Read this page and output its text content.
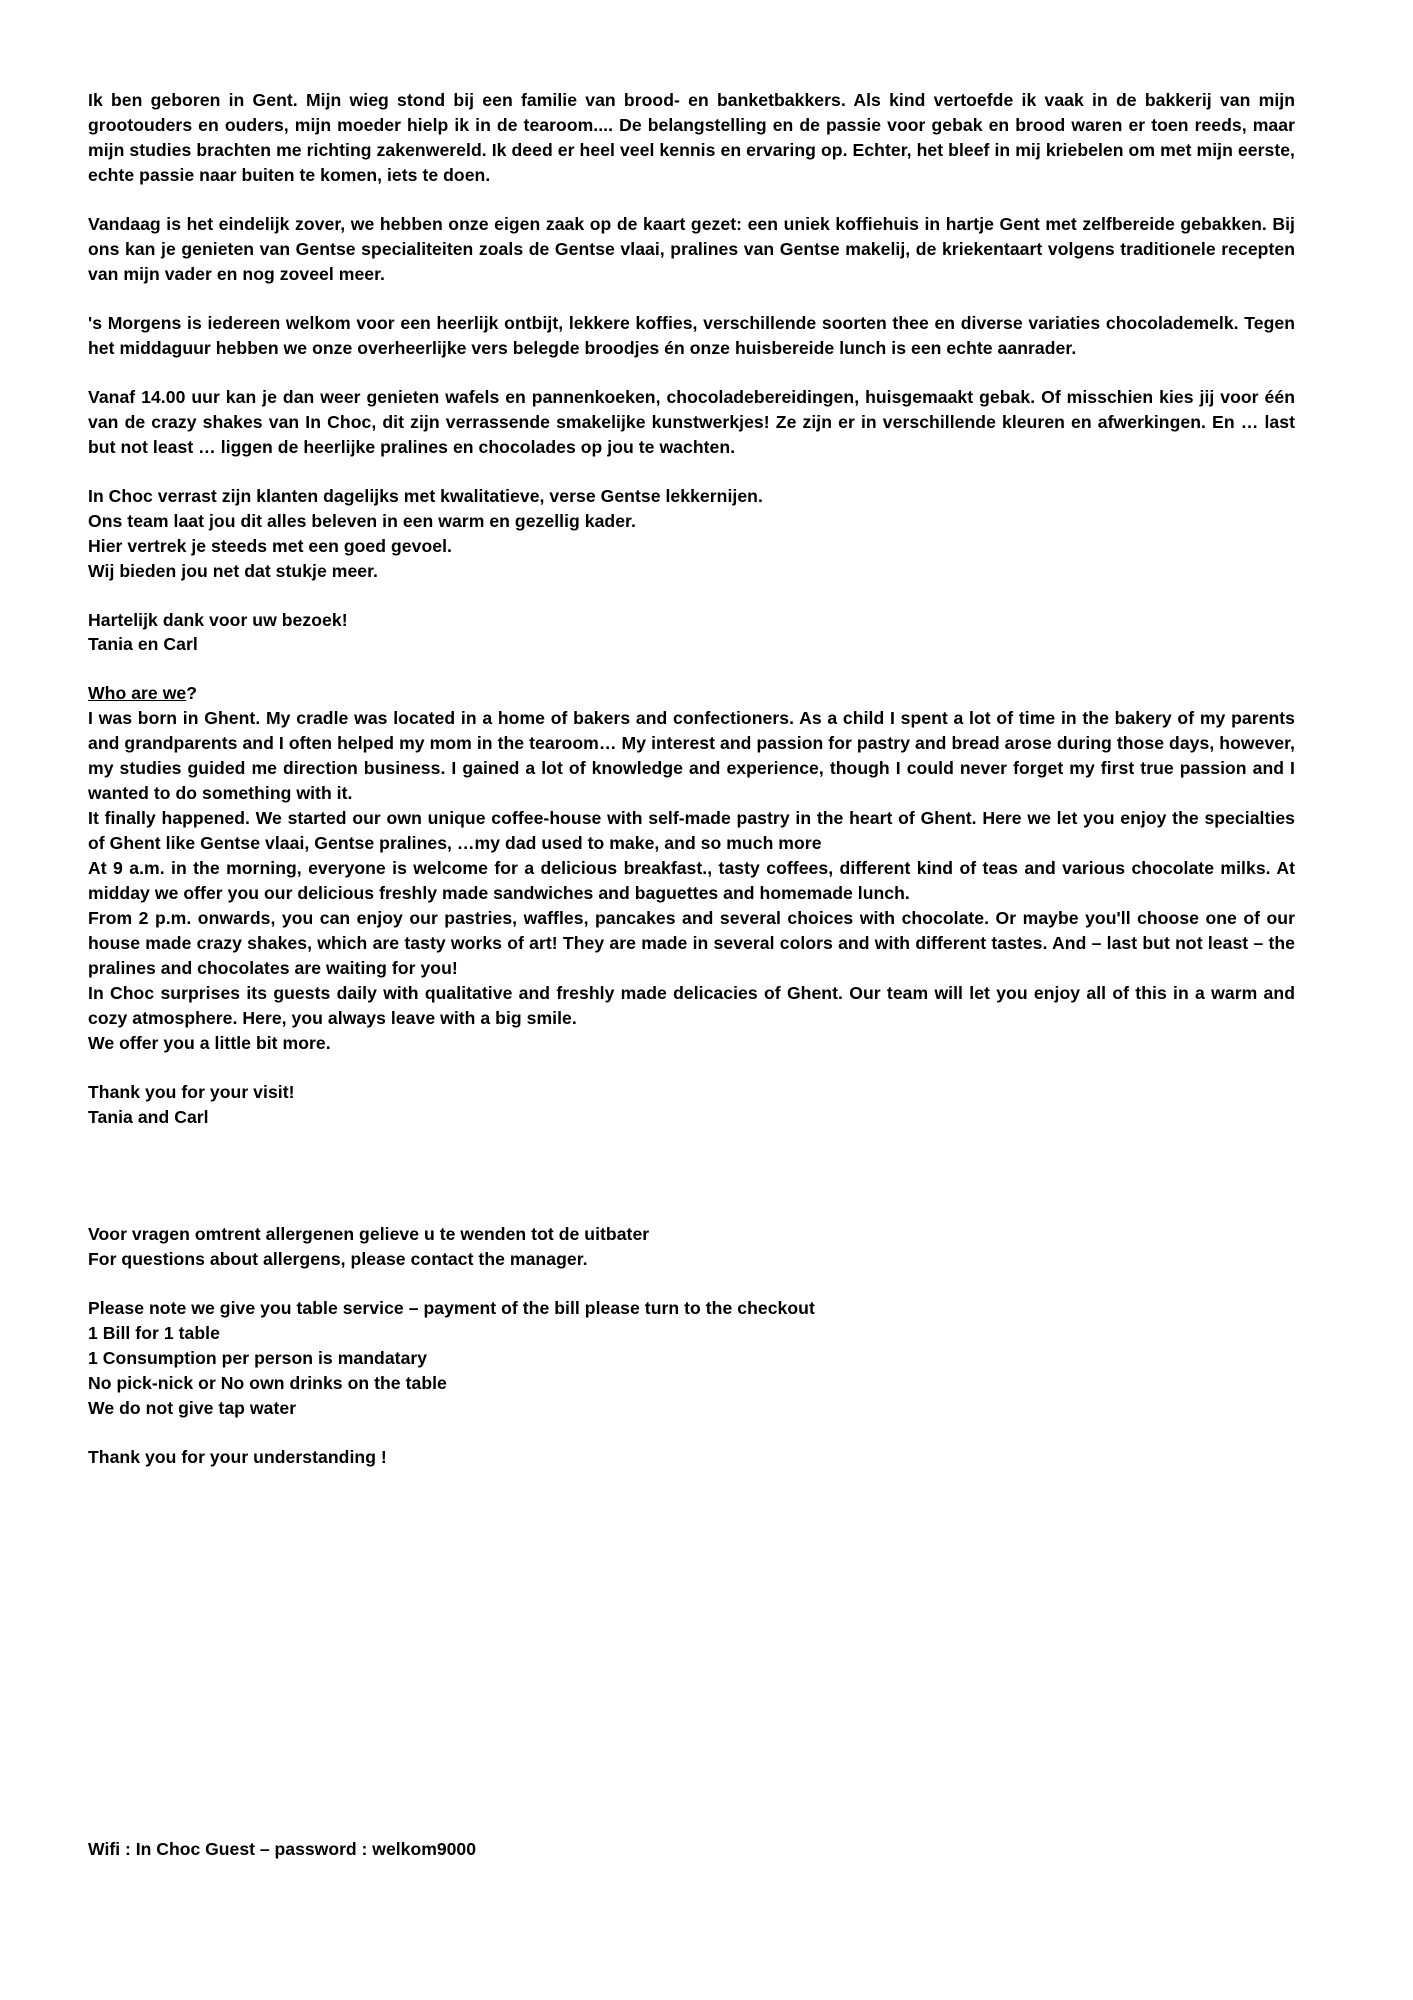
Ik ben geboren in Gent. Mijn wieg stond bij een familie van brood- en banketbakkers. Als kind vertoefde ik vaak in de bakkerij van mijn grootouders en ouders, mijn moeder hielp ik in de tearoom.... De belangstelling en de passie voor gebak en brood waren er toen reeds, maar mijn studies brachten me richting zakenwereld. Ik deed er heel veel kennis en ervaring op. Echter, het bleef in mij kriebelen om met mijn eerste, echte passie naar buiten te komen, iets te doen.

Vandaag is het eindelijk zover, we hebben onze eigen zaak op de kaart gezet: een uniek koffiehuis in hartje Gent met zelfbereide gebakken. Bij ons kan je genieten van Gentse specialiteiten zoals de Gentse vlaai, pralines van Gentse makelij, de kriekentaart volgens traditionele recepten van mijn vader en nog zoveel meer.

's Morgens is iedereen welkom voor een heerlijk ontbijt, lekkere koffies, verschillende soorten thee en diverse variaties chocolademelk. Tegen het middaguur hebben we onze overheerlijke vers belegde broodjes én onze huisbereide lunch is een echte aanrader.

Vanaf 14.00 uur kan je dan weer genieten wafels en pannenkoeken, chocoladebereidingen, huisgemaakt gebak. Of misschien kies jij voor één van de crazy shakes van In Choc, dit zijn verrassende smakelijke kunstwerkjes! Ze zijn er in verschillende kleuren en afwerkingen. En … last but not least … liggen de heerlijke pralines en chocolades op jou te wachten.

In Choc verrast zijn klanten dagelijks met kwalitatieve, verse Gentse lekkernijen.

Ons team laat jou dit alles beleven in een warm en gezellig kader.

Hier vertrek je steeds met een goed gevoel.

Wij bieden jou net dat stukje meer.

Hartelijk dank voor uw bezoek!

Tania en Carl

Who are we?

I was born in Ghent. My cradle was located in a home of bakers and confectioners. As a child I spent a lot of time in the bakery of my parents and grandparents and I often helped my mom in the tearoom… My interest and passion for pastry and bread arose during those days, however, my studies guided me direction business. I gained a lot of knowledge and experience, though I could never forget my first true passion and I wanted to do something with it.

It finally happened. We started our own unique coffee-house with self-made pastry in the heart of Ghent. Here we let you enjoy the specialties of Ghent like Gentse vlaai, Gentse pralines, …my dad used to make, and so much more

At 9 a.m. in the morning, everyone is welcome for a delicious breakfast., tasty coffees, different kind of teas and various chocolate milks. At midday we offer you our delicious freshly made sandwiches and baguettes and homemade lunch.

From 2 p.m. onwards, you can enjoy our pastries, waffles, pancakes and several choices with chocolate. Or maybe you'll choose one of our house made crazy shakes, which are tasty works of art! They are made in several colors and with different tastes. And – last but not least – the pralines and chocolates are waiting for you!

In Choc surprises its guests daily with qualitative and freshly made delicacies of Ghent. Our team will let you enjoy all of this in a warm and cozy atmosphere. Here, you always leave with a big smile.

We offer you a little bit more.

Thank you for your visit!

Tania and Carl

Voor vragen omtrent allergenen gelieve u te wenden tot de uitbater

For questions about allergens, please contact the manager.

Please note we give you table service – payment of the bill please turn to the checkout

1 Bill for 1 table

1 Consumption per person is mandatary

No pick-nick or No own drinks on the table

We do not give tap water

Thank you for your understanding !

Wifi : In Choc Guest – password : welkom9000
